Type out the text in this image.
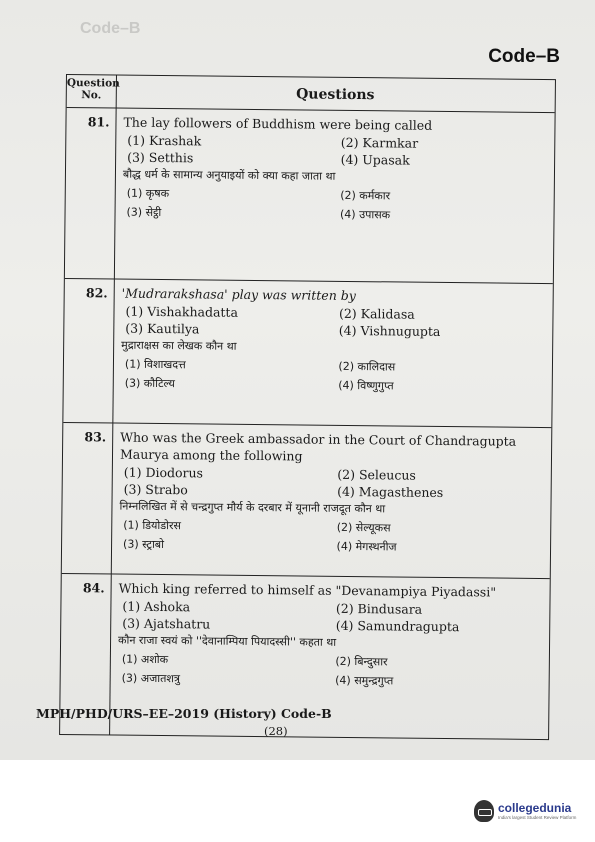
Code–B
Code–B
Question No.	Questions
81.	The lay followers of Buddhism were being called
(1) Krashak	(2) Karmkar
(3) Setthis	(4) Upasak
बौद्ध धर्म के सामान्य अनुयाइयों को क्या कहा जाता था
(1) कृषक	(2) कर्मकार
(3) सेट्ठी	(4) उपासक
82.	'Mudrarakshasa' play was written by
(1) Vishakhadatta	(2) Kalidasa
(3) Kautilya	(4) Vishnugupta
मुद्राराक्षस का लेखक कौन था
(1) विशाखदत्त	(2) कालिदास
(3) कौटिल्य	(4) विष्णुगुप्त
83.	Who was the Greek ambassador in the Court of Chandragupta Maurya among the following
(1) Diodorus	(2) Seleucus
(3) Strabo	(4) Magasthenes
निम्नलिखित में से चन्द्रगुप्त मौर्य के दरबार में यूनानी राजदूत कौन था
(1) डियोडोरस	(2) सेल्यूकस
(3) स्ट्राबो	(4) मेगस्थनीज
84.	Which king referred to himself as "Devanampiya Piyadassi"
(1) Ashoka	(2) Bindusara
(3) Ajatshatru	(4) Samundragupta
कौन राजा स्वयं को ''देवानाम्पिया पियादस्सी'' कहता था
(1) अशोक	(2) बिन्दुसार
(3) अजातशत्रु	(4) समुन्द्रगुप्त
MPH/PHD/URS–EE–2019 (History) Code-B
(28)
collegedunia
India's largest Student Review Platform
